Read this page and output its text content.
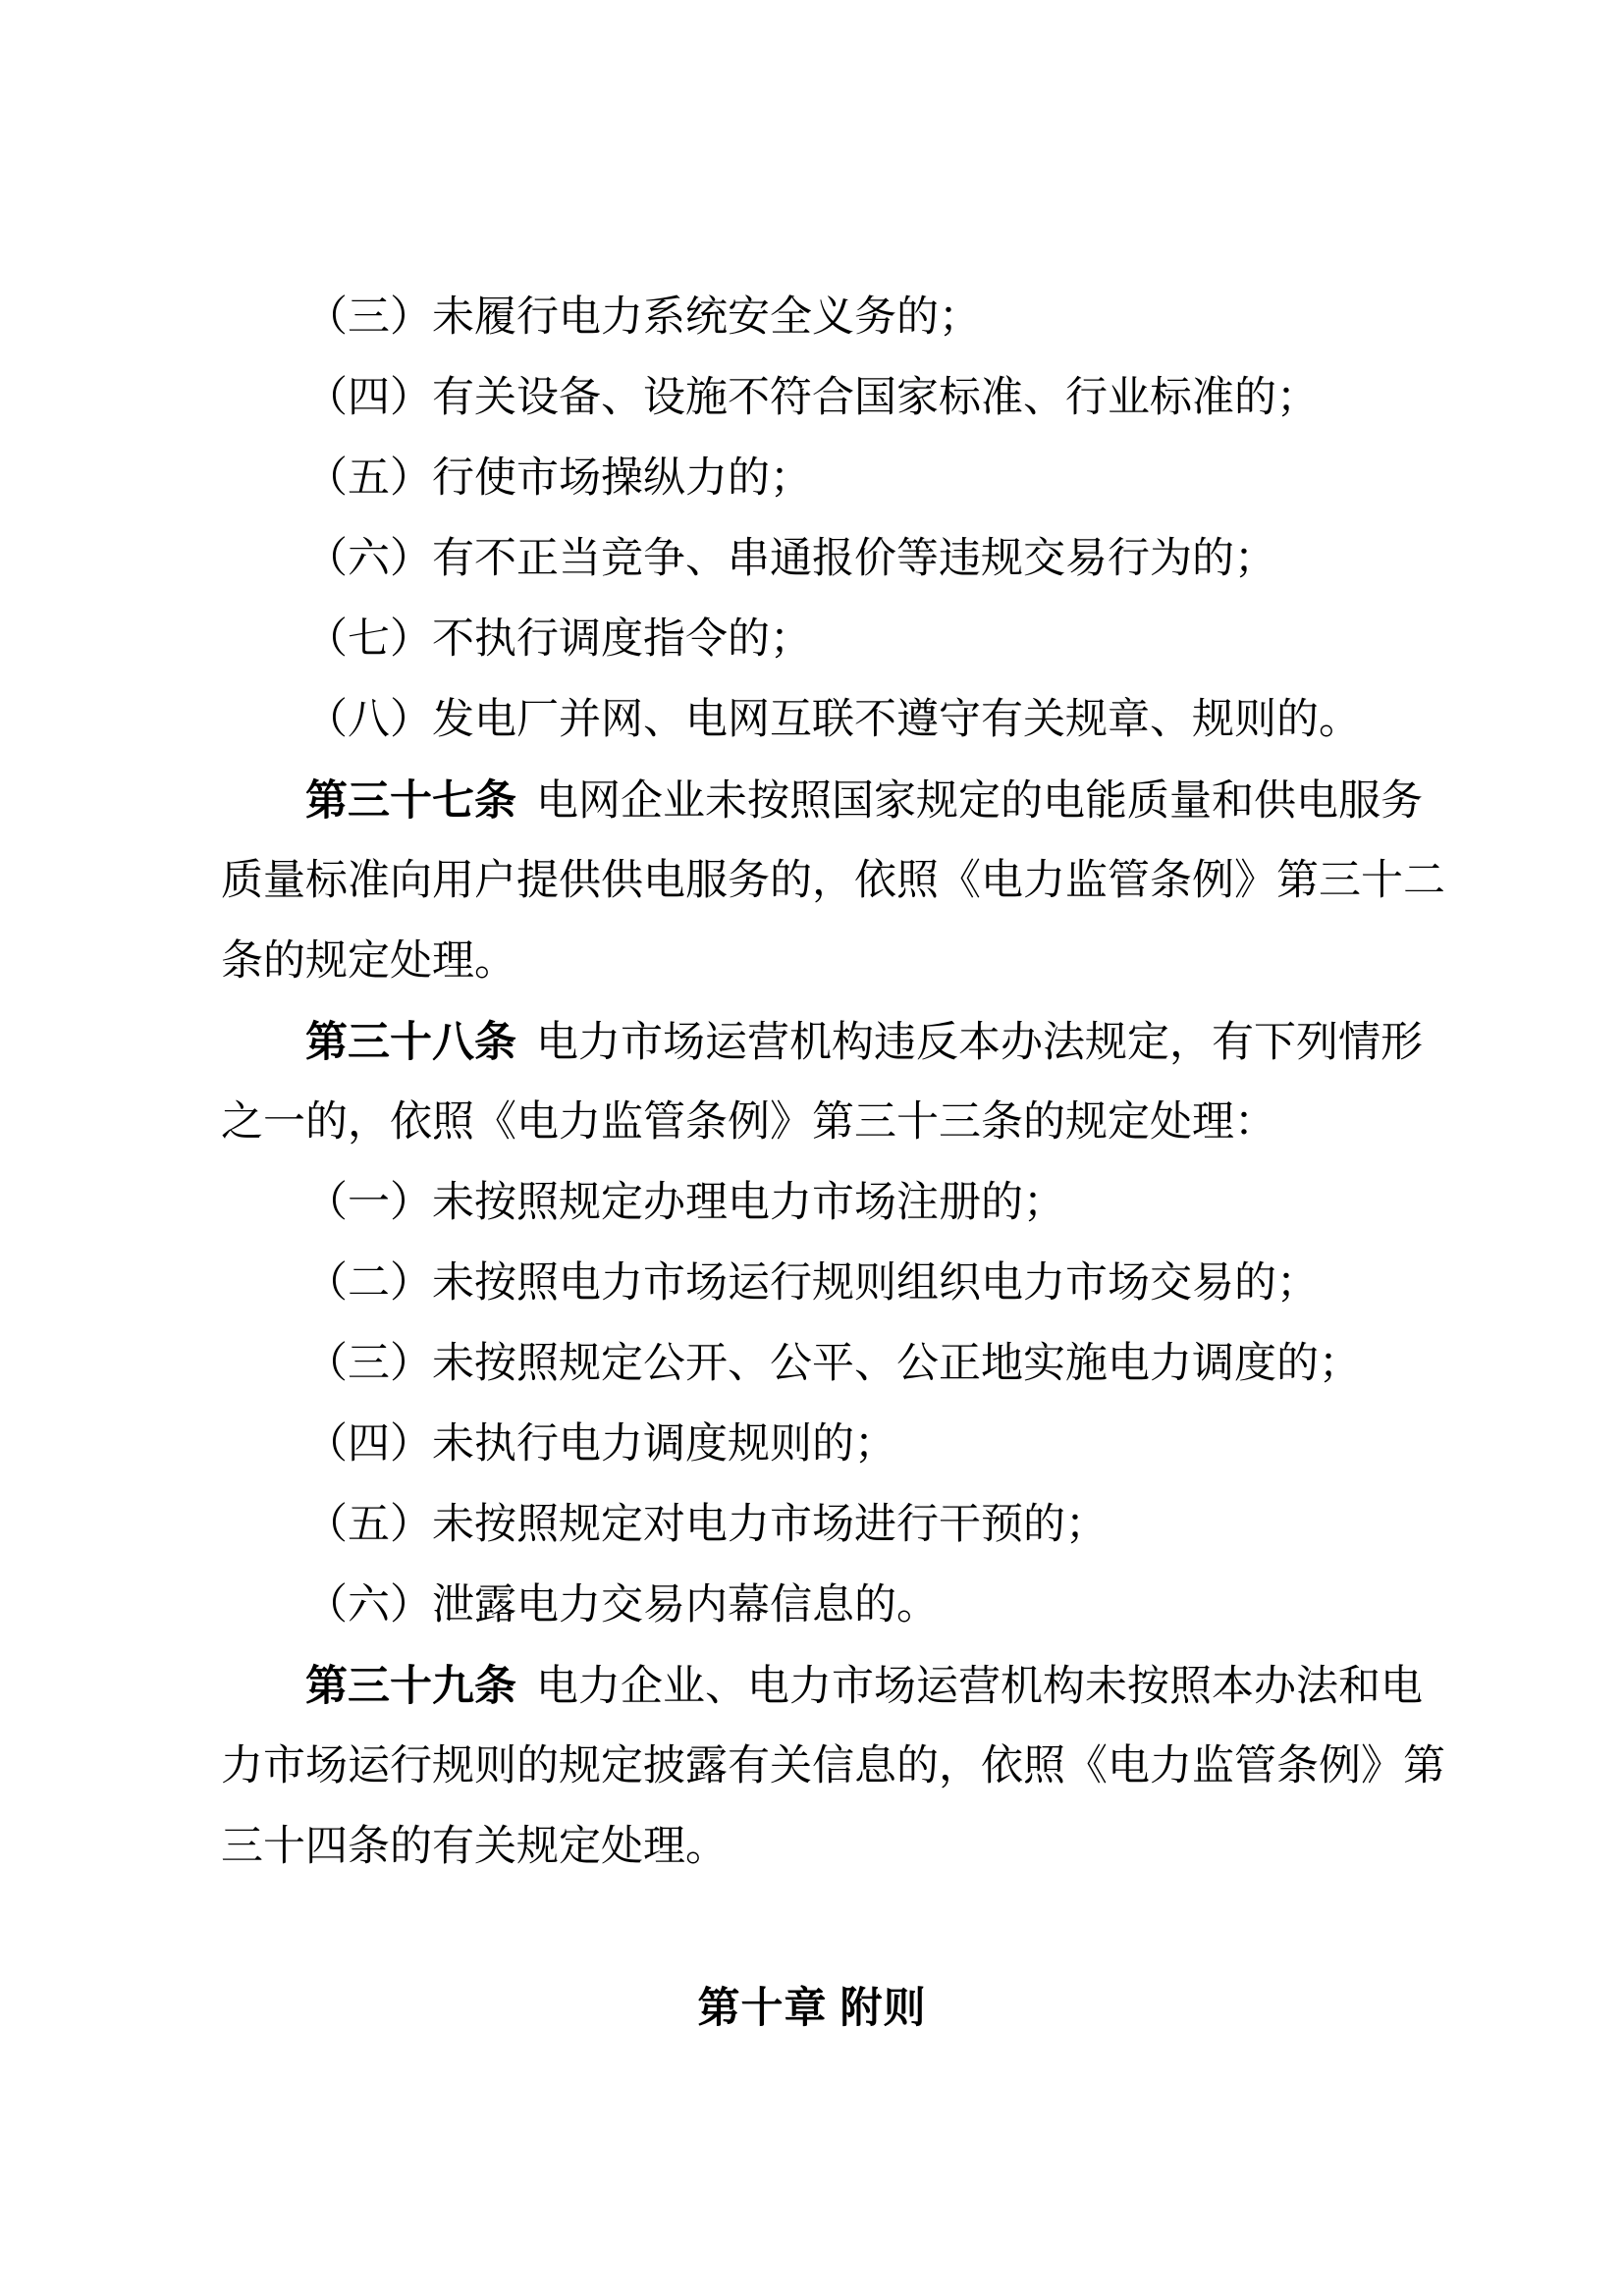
（三）未履行电力系统安全义务的；
（四）有关设备、设施不符合国家标准、行业标准的；
（五）行使市场操纵力的；
（六）有不正当竞争、串通报价等违规交易行为的；
（七）不执行调度指令的；
（八）发电厂并网、电网互联不遵守有关规章、规则的。
第三十七条 电网企业未按照国家规定的电能质量和供电服务
质量标准向用户提供供电服务的，依照《电力监管条例》第三十二
条的规定处理。
第三十八条 电力市场运营机构违反本办法规定，有下列情形
之一的，依照《电力监管条例》第三十三条的规定处理：
（一）未按照规定办理电力市场注册的；
（二）未按照电力市场运行规则组织电力市场交易的；
（三）未按照规定公开、公平、公正地实施电力调度的；
（四）未执行电力调度规则的；
（五）未按照规定对电力市场进行干预的；
（六）泄露电力交易内幕信息的。
第三十九条 电力企业、电力市场运营机构未按照本办法和电
力市场运行规则的规定披露有关信息的，依照《电力监管条例》第
三十四条的有关规定处理。
第十章 附则
